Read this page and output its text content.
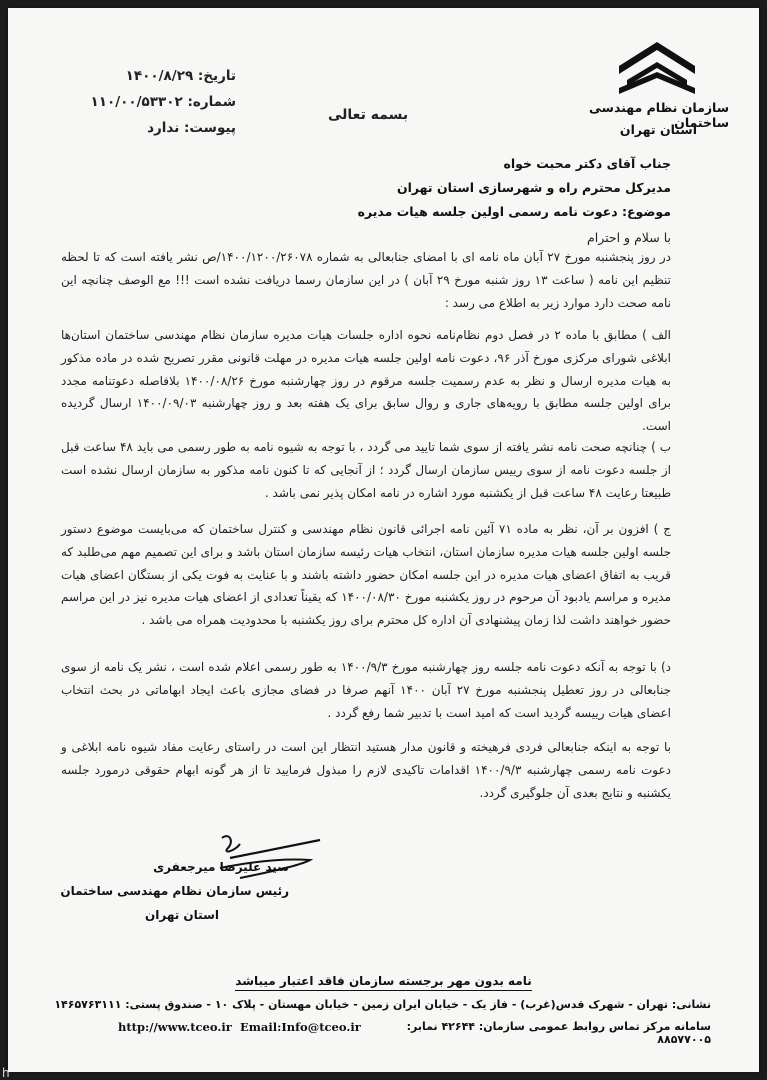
سازمان نظام مهندسی ساختمان
استان تهران
بسمه تعالی
تاریخ: ۱۴۰۰/۸/۲۹
شماره: ۱۱۰/۰۰/۵۳۳۰۲
پیوست: ندارد
جناب آقای دکتر محبت خواه
مدیرکل محترم راه و شهرسازی استان تهران
موضوع: دعوت نامه رسمی اولین جلسه هیات مدیره
با سلام و احترام
در روز پنجشنبه مورخ ۲۷ آبان ماه نامه ای با امضای جنابعالی به شماره ۱۴۰۰/۱۲۰۰/۲۶۰۷۸/ص نشر یافته است که تا لحظه تنظیم این نامه ( ساعت ۱۳ روز شنبه مورخ ۲۹ آبان ) در این سازمان رسما دریافت نشده است !!! مع الوصف چنانچه این نامه صحت دارد موارد زیر به اطلاع می رسد :
الف ) مطابق با ماده ۲ در فصل دوم نظام‌نامه نحوه اداره جلسات هیات مدیره سازمان نظام مهندسی ساختمان استان‌ها ابلاغی شورای مرکزی مورخ آذر ۹۶، دعوت نامه اولین جلسه هیات مدیره در مهلت قانونی مقرر تصریح شده در ماده مذکور به هیات مدیره ارسال و نظر به عدم رسمیت جلسه مرقوم در روز چهارشنبه مورخ ۱۴۰۰/۰۸/۲۶ بلافاصله دعوتنامه مجدد برای اولین جلسه مطابق با رویه‌های جاری و روال سابق برای یک هفته بعد و روز چهارشنبه ۱۴۰۰/۰۹/۰۳ ارسال گردیده است.
ب ) چنانچه صحت نامه نشر یافته از سوی شما تایید می گردد ، با توجه به شیوه نامه به طور رسمی می باید ۴۸ ساعت قبل از جلسه دعوت نامه از سوی رییس سازمان ارسال گردد ؛ از آنجایی که تا کنون نامه مذکور به سازمان ارسال نشده است طبیعتا رعایت ۴۸ ساعت قبل از یکشنبه مورد اشاره در نامه امکان پذیر نمی باشد .
ج ) افزون بر آن، نظر به ماده ۷۱ آئین نامه اجرائی قانون نظام مهندسی و کنترل ساختمان که می‌بایست موضوع دستور جلسه اولین جلسه هیات مدیره سازمان استان، انتخاب هیات رئیسه سازمان استان باشد و برای این تصمیم مهم می‌طلبد که قریب به اتفاق اعضای هیات مدیره در این جلسه امکان حضور داشته باشند و با عنایت به فوت یکی از بستگان اعضای هیات مدیره و مراسم یادبود آن مرحوم در روز یکشنبه مورخ ۱۴۰۰/۰۸/۳۰ که یقیناً تعدادی از اعضای هیات مدیره نیز در این مراسم حضور خواهند داشت لذا زمان پیشنهادی آن اداره کل محترم برای روز یکشنبه با محدودیت همراه می باشد .
د) با توجه به آنکه دعوت نامه جلسه روز چهارشنبه مورخ ۱۴۰۰/۹/۳ به طور رسمی اعلام شده است ، نشر یک نامه از سوی جنابعالی در روز تعطیل پنجشنبه مورخ ۲۷ آبان ۱۴۰۰ آنهم صرفا در فضای مجازی باعث ایجاد ابهاماتی در بحث انتخاب اعضای هیات رییسه گردید است که امید است با تدبیر شما رفع گردد .
با توجه به اینکه جنابعالی فردی فرهیخته و قانون مدار هستید انتظار این است در راستای رعایت مفاد شیوه نامه ابلاغی و دعوت نامه رسمی چهارشنبه ۱۴۰۰/۹/۳ اقدامات تاکیدی لازم را مبذول فرمایید تا از هر گونه ابهام حقوقی درمورد جلسه یکشنبه و نتایج بعدی آن جلوگیری گردد.
سید علیرضا میرجعفری
رئیس سازمان نظام مهندسی ساختمان
استان تهران
نامه بدون مهر برجسته سازمان فاقد اعتبار میباشد
نشانی: تهران - شهرک قدس(غرب) - فاز یک - خیابان ایران زمین - خیابان مهستان - پلاک ۱۰ - صندوق پستی: ۱۴۶۵۷۶۳۱۱۱
سامانه مرکز تماس روابط عمومی سازمان: ۴۲۶۴۴ نمابر: ۸۸۵۷۷۰۰۵
Email:Info@tceo.ir
http://www.tceo.ir
h
